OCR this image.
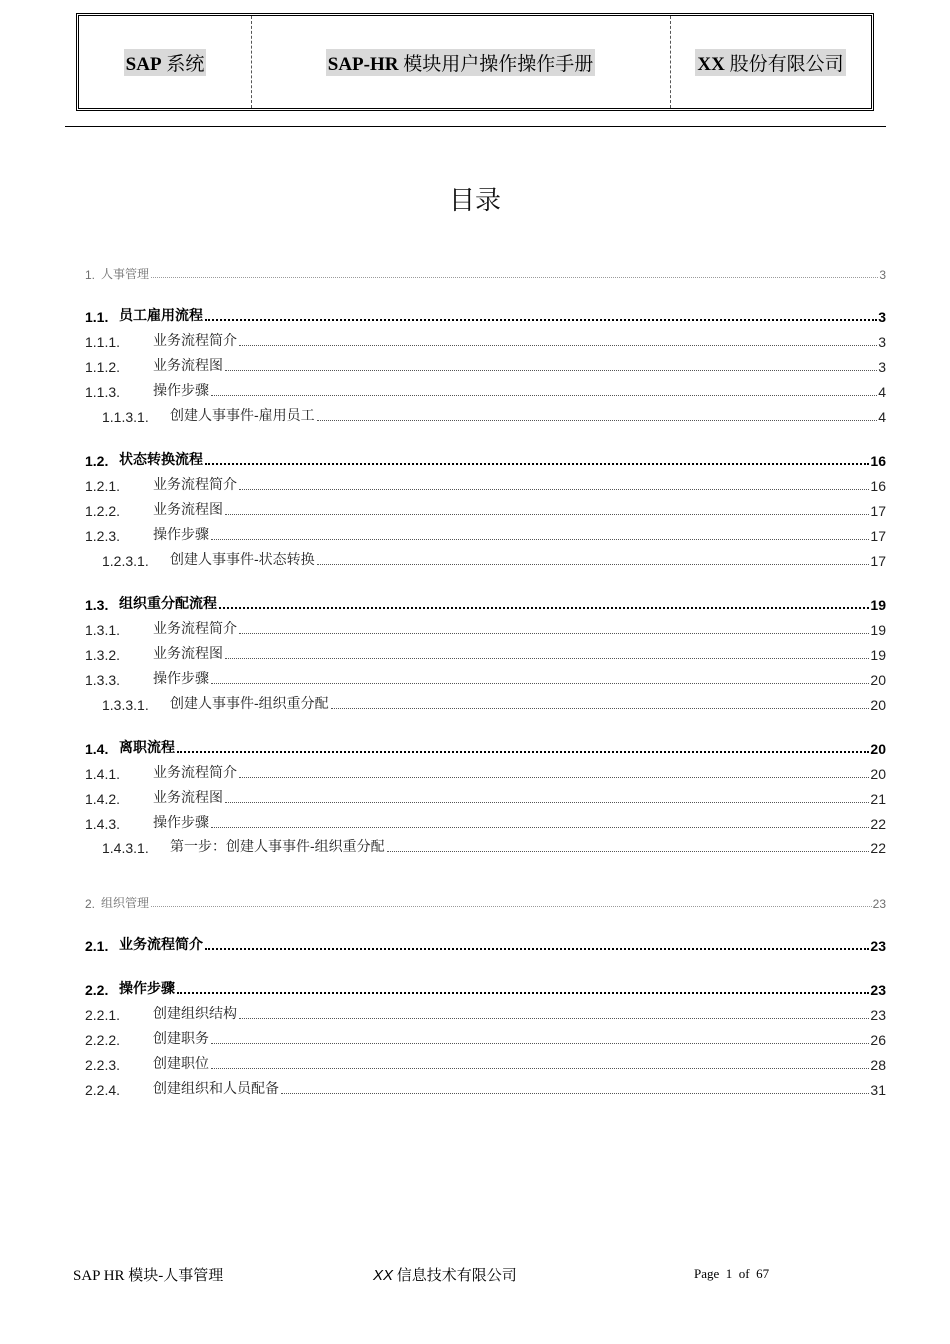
SAP 系统	SAP-HR 模块用户操作操作手册	XX 股份有限公司
目录
1. 人事管理	3
1.1. 员工雇用流程	3
1.1.1.	业务流程简介	3
1.1.2.	业务流程图	3
1.1.3.	操作步骤	4
1.1.3.1.	创建人事事件-雇用员工	4
1.2. 状态转换流程	16
1.2.1.	业务流程简介	16
1.2.2.	业务流程图	17
1.2.3.	操作步骤	17
1.2.3.1.	创建人事事件-状态转换	17
1.3. 组织重分配流程	19
1.3.1.	业务流程简介	19
1.3.2.	业务流程图	19
1.3.3.	操作步骤	20
1.3.3.1.	创建人事事件-组织重分配	20
1.4. 离职流程	20
1.4.1.	业务流程简介	20
1.4.2.	业务流程图	21
1.4.3.	操作步骤	22
1.4.3.1.	第一步：创建人事事件-组织重分配	22
2. 组织管理	23
2.1. 业务流程简介	23
2.2. 操作步骤	23
2.2.1.	创建组织结构	23
2.2.2.	创建职务	26
2.2.3.	创建职位	28
2.2.4.	创建组织和人员配备	31
SAP HR 模块-人事管理	XX 信息技术有限公司	Page 1 of 67
